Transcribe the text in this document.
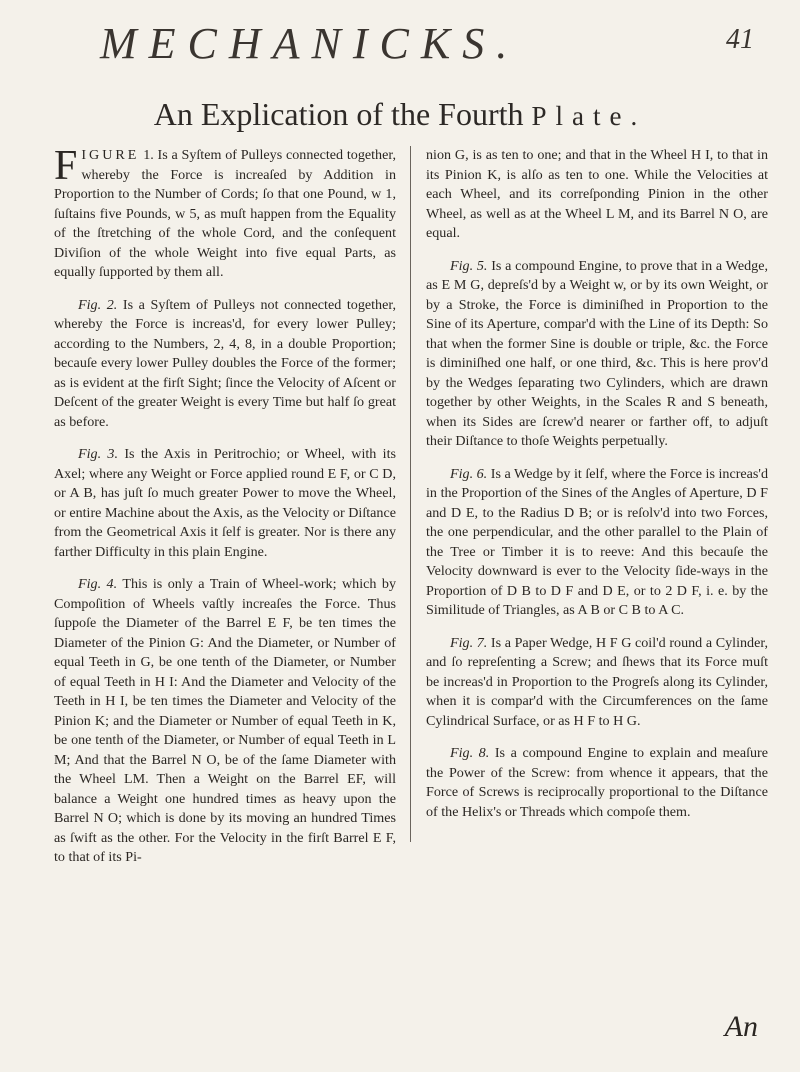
MECHANICKS.	41
An Explication of the Fourth Plate.

FIGURE 1. Is a Syſtem of Pulleys connected together, whereby the Force is increaſed by Addition in Proportion to the Number of Cords; ſo that one Pound, w 1, ſuſtains five Pounds, w 5, as muſt happen from the Equality of the ſtretching of the whole Cord, and the conſequent Diviſion of the whole Weight into five equal Parts, as equally ſupported by them all.

Fig. 2. Is a Syſtem of Pulleys not connected together, whereby the Force is increas'd, for every lower Pulley; according to the Numbers, 2, 4, 8, in a double Proportion; becauſe every lower Pulley doubles the Force of the former; as is evident at the firſt Sight; ſince the Velocity of Aſcent or Deſcent of the greater Weight is every Time but half ſo great as before.

Fig. 3. Is the Axis in Peritrochio; or Wheel, with its Axel; where any Weight or Force applied round E F, or C D, or A B, has juſt ſo much greater Power to move the Wheel, or entire Machine about the Axis, as the Velocity or Diſtance from the Geometrical Axis it ſelf is greater. Nor is there any farther Difficulty in this plain Engine.

Fig. 4. This is only a Train of Wheel-work; which by Compoſition of Wheels vaſtly increaſes the Force. Thus ſuppoſe the Diameter of the Barrel E F, be ten times the Diameter of the Pinion G: And the Diameter, or Number of equal Teeth in G, be one tenth of the Diameter, or Number of equal Teeth in H I: And the Diameter and Velocity of the Teeth in H I, be ten times the Diameter and Velocity of the Pinion K; and the Diameter or Number of equal Teeth in K, be one tenth of the Diameter, or Number of equal Teeth in L M; And that the Barrel N O, be of the ſame Diameter with the Wheel LM. Then a Weight on the Barrel EF, will balance a Weight one hundred times as heavy upon the Barrel N O; which is done by its moving an hundred Times as ſwift as the other. For the Velocity in the firſt Barrel E F, to that of its Pi-

nion G, is as ten to one; and that in the Wheel H I, to that in its Pinion K, is alſo as ten to one. While the Velocities at each Wheel, and its correſponding Pinion in the other Wheel, as well as at the Wheel L M, and its Barrel N O, are equal.

Fig. 5. Is a compound Engine, to prove that in a Wedge, as E M G, depreſs'd by a Weight w, or by its own Weight, or by a Stroke, the Force is diminiſhed in Proportion to the Sine of its Aperture, compar'd with the Line of its Depth: So that when the former Sine is double or triple, &c. the Force is diminiſhed one half, or one third, &c. This is here prov'd by the Wedges ſeparating two Cylinders, which are drawn together by other Weights, in the Scales R and S beneath, when its Sides are ſcrew'd nearer or farther off, to adjuſt their Diſtance to thoſe Weights perpetually.

Fig. 6. Is a Wedge by it ſelf, where the Force is increas'd in the Proportion of the Sines of the Angles of Aperture, D F and D E, to the Radius D B; or is reſolv'd into two Forces, the one perpendicular, and the other parallel to the Plain of the Tree or Timber it is to reeve: And this becauſe the Velocity downward is ever to the Velocity ſide-ways in the Proportion of D B to D F and D E, or to 2 D F, i. e. by the Similitude of Triangles, as A B or C B to A C.

Fig. 7. Is a Paper Wedge, H F G coil'd round a Cylinder, and ſo repreſenting a Screw; and ſhews that its Force muſt be increas'd in Proportion to the Progreſs along its Cylinder, when it is compar'd with the Circumferences on the ſame Cylindrical Surface, or as H F to H G.

Fig. 8. Is a compound Engine to explain and meaſure the Power of the Screw: from whence it appears, that the Force of Screws is reciprocally proportional to the Diſtance of the Helix's or Threads which compoſe them.

An
